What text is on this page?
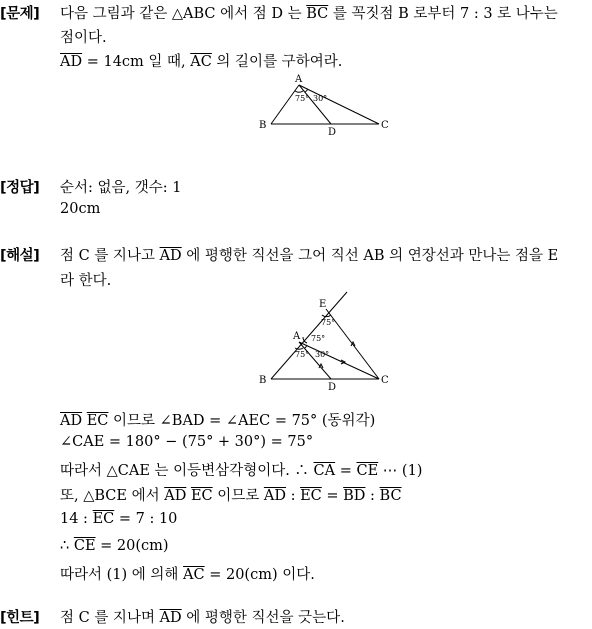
[문제] 다음 그림과 같은 △ABC 에서 점 D 는 $\overline{BC}$ 를 꼭짓점 B 로부터 7 : 3 로 나누는
점이다.
$\overline{AD} = 14cm$ 일 때, $\overline{AC}$ 의 길이를 구하여라.
A
B	C
D
75° 30°
[정답] 순서: 없음, 갯수: 1
20cm
[해설] 점 C 를 지나고 $\overline{AD}$ 에 평행한 직선을 그어 직선 AB 의 연장선과 만나는 점을 E
라 한다.
E
A
B	C
D
75°
75°
75° 30°
$\overline{AD}$ $\overline{EC}$ 이므로 ∠BAD = ∠AEC = 75° (동위각)
∠CAE = 180° − (75° + 30°) = 75°
따라서 △CAE 는 이등변삼각형이다. ∴ $\overline{CA} = \overline{CE}$ ⋯ (1)
또, △BCE 에서 $\overline{AD}$ $\overline{EC}$ 이므로 $\overline{AD}$ : $\overline{EC} = \overline{BD}$ : $\overline{BC}$
14 : $\overline{EC} = 7$ : 10
∴ $\overline{CE} = 20(cm)$
따라서 (1) 에 의해 $\overline{AC} = 20(cm)$ 이다.
[힌트] 점 C 를 지나며 $\overline{AD}$ 에 평행한 직선을 긋는다.
